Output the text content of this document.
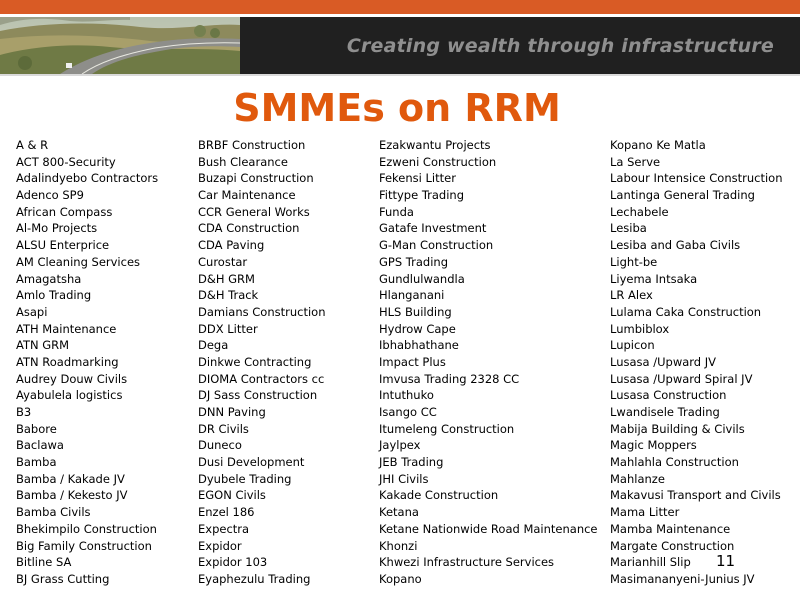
Creating wealth through infrastructure
SMMEs on RRM
A & R
ACT 800-Security
Adalindyebo Contractors
Adenco SP9
African Compass
Al-Mo Projects
ALSU Enterprice
AM Cleaning Services
Amagatsha
Amlo Trading
Asapi
ATH Maintenance
ATN GRM
ATN Roadmarking
Audrey Douw Civils
Ayabulela logistics
B3
Babore
Baclawa
Bamba
Bamba / Kakade JV
Bamba / Kekesto JV
Bamba Civils
Bhekimpilo Construction
Big Family Construction
Bitline SA
BJ Grass Cutting
BRBF Construction
Bush Clearance
Buzapi Construction
Car Maintenance
CCR General Works
CDA Construction
CDA Paving
Curostar
D&H GRM
D&H Track
Damians Construction
DDX Litter
Dega
Dinkwe Contracting
DIOMA Contractors cc
DJ Sass Construction
DNN Paving
DR Civils
Duneco
Dusi Development
Dyubele Trading
EGON Civils
Enzel 186
Expectra
Expidor
Expidor 103
Eyaphezulu Trading
Ezakwantu Projects
Ezweni Construction
Fekensi Litter
Fittype Trading
Funda
Gatafe Investment
G-Man Construction
GPS Trading
Gundlulwandla
Hlanganani
HLS Building
Hydrow Cape
Ibhabhathane
Impact Plus
Imvusa Trading 2328 CC
Intuthuko
Isango CC
Itumeleng Construction
Jaylpex
JEB Trading
JHI Civils
Kakade Construction
Ketana
Ketane Nationwide Road Maintenance
Khonzi
Khwezi Infrastructure Services
Kopano
Kopano Ke Matla
La Serve
Labour Intensice Construction
Lantinga General Trading
Lechabele
Lesiba
Lesiba and Gaba Civils
Light-be
Liyema Intsaka
LR Alex
Lulama Caka Construction
Lumbiblox
Lupicon
Lusasa /Upward JV
Lusasa /Upward Spiral JV
Lusasa Construction
Lwandisele Trading
Mabija Building & Civils
Magic Moppers
Mahlahla Construction
Mahlanze
Makavusi Transport and Civils
Mama Litter
Mamba Maintenance
Margate Construction
Marianhill Slip
Masimananyeni-Junius JV
11
